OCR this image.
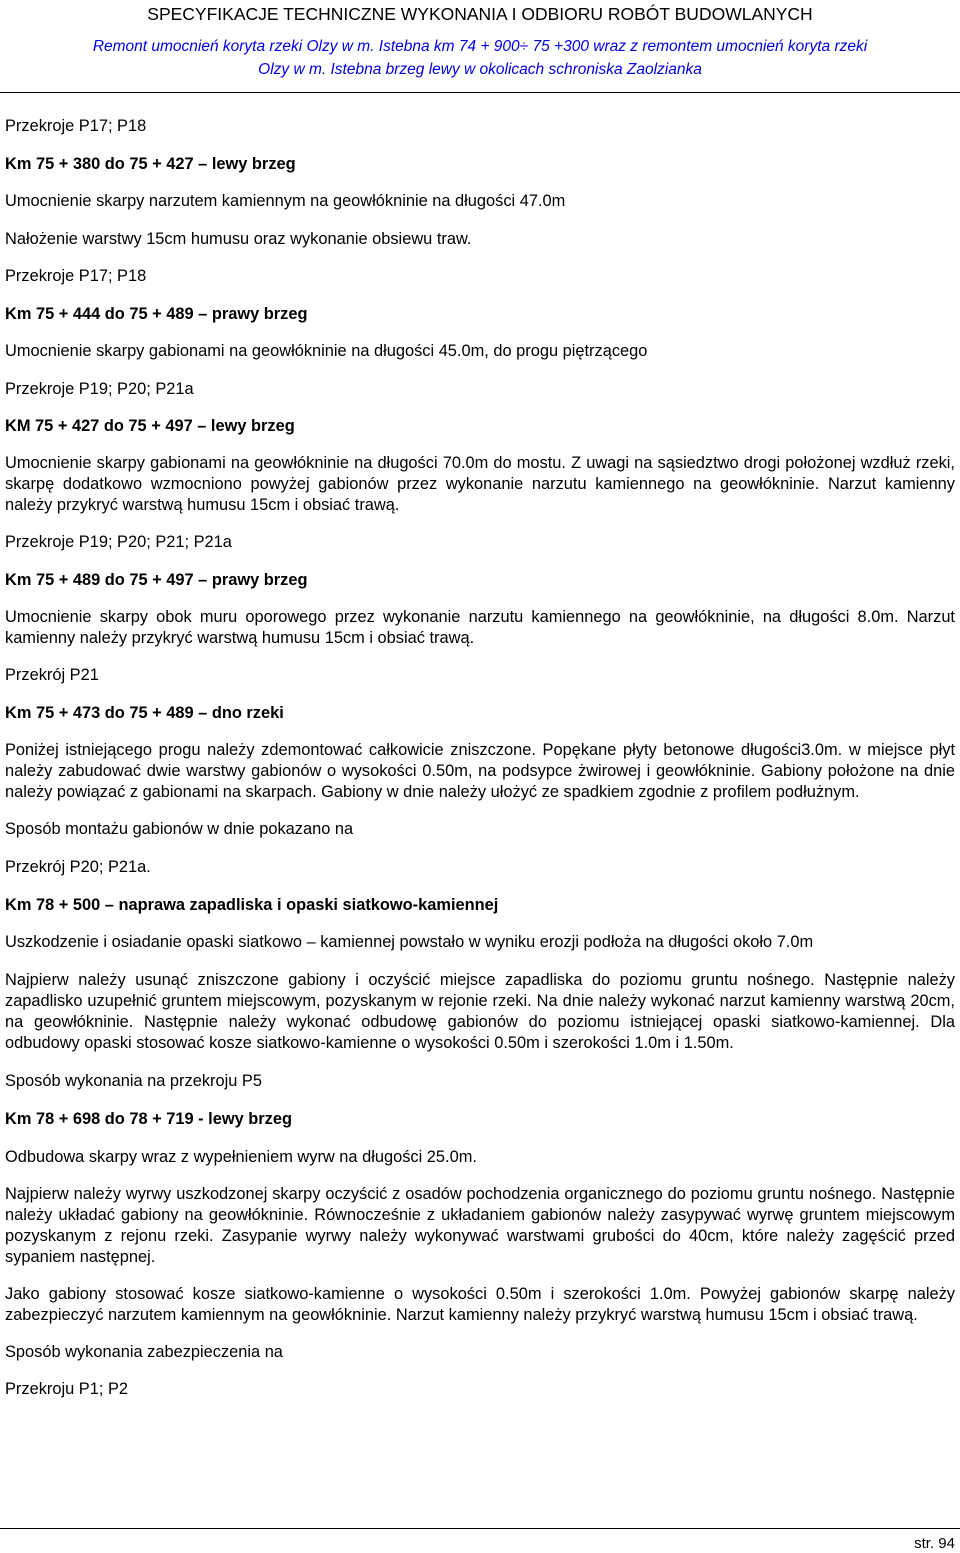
SPECYFIKACJE TECHNICZNE WYKONANIA I ODBIORU ROBÓT BUDOWLANYCH
Remont umocnień koryta rzeki Olzy w m. Istebna km 74 + 900÷ 75 +300 wraz z remontem umocnień koryta rzeki
Olzy w m. Istebna brzeg lewy w okolicach schroniska Zaolzianka

Przekroje P17; P18

Km 75 + 380 do 75 + 427 – lewy brzeg

Umocnienie skarpy narzutem kamiennym na geowłókninie na długości 47.0m

Nałożenie warstwy 15cm humusu oraz wykonanie obsiewu traw.

Przekroje P17; P18

Km 75 + 444 do 75 + 489 – prawy brzeg

Umocnienie skarpy gabionami na geowłókninie na długości 45.0m, do progu piętrzącego

Przekroje P19; P20; P21a

KM 75 + 427 do 75 + 497 – lewy brzeg

Umocnienie skarpy gabionami na geowłókninie na długości 70.0m do mostu. Z uwagi na sąsiedztwo drogi położonej wzdłuż rzeki, skarpę dodatkowo wzmocniono powyżej gabionów przez wykonanie narzutu kamiennego na geowłókninie. Narzut kamienny należy przykryć warstwą humusu 15cm i obsiać trawą.

Przekroje P19; P20; P21; P21a

Km 75 + 489 do 75 + 497 – prawy brzeg

Umocnienie skarpy obok muru oporowego przez wykonanie narzutu kamiennego na geowłókninie, na długości 8.0m. Narzut kamienny należy przykryć warstwą humusu 15cm i obsiać trawą.

Przekrój P21

Km 75 + 473 do 75 + 489 – dno rzeki

Poniżej istniejącego progu należy zdemontować całkowicie zniszczone. Popękane płyty betonowe długości3.0m. w miejsce płyt należy zabudować dwie warstwy gabionów o wysokości 0.50m, na podsypce żwirowej i geowłókninie. Gabiony położone na dnie należy powiązać z gabionami na skarpach. Gabiony w dnie należy ułożyć ze spadkiem zgodnie z profilem podłużnym.

Sposób montażu gabionów w dnie pokazano na

Przekrój P20; P21a.

Km 78 + 500 – naprawa zapadliska i opaski siatkowo-kamiennej

Uszkodzenie i osiadanie opaski siatkowo – kamiennej powstało w wyniku erozji podłoża na długości około 7.0m

Najpierw należy usunąć zniszczone gabiony i oczyścić miejsce zapadliska do poziomu gruntu nośnego. Następnie należy zapadlisko uzupełnić gruntem miejscowym, pozyskanym w rejonie rzeki. Na dnie należy wykonać narzut kamienny warstwą 20cm, na geowłókninie. Następnie należy wykonać odbudowę gabionów do poziomu istniejącej opaski siatkowo-kamiennej. Dla odbudowy opaski stosować kosze siatkowo-kamienne o wysokości 0.50m i szerokości 1.0m i 1.50m.

Sposób wykonania na przekroju P5

Km 78 + 698 do 78 + 719 - lewy brzeg

Odbudowa skarpy wraz z wypełnieniem wyrw na długości 25.0m.

Najpierw należy wyrwy uszkodzonej skarpy oczyścić z osadów pochodzenia organicznego do poziomu gruntu nośnego. Następnie należy układać gabiony na geowłókninie. Równocześnie z układaniem gabionów należy zasypywać wyrwę gruntem miejscowym pozyskanym z rejonu rzeki. Zasypanie wyrwy należy wykonywać warstwami grubości do 40cm, które należy zagęścić przed sypaniem następnej.

Jako gabiony stosować kosze siatkowo-kamienne o wysokości 0.50m i szerokości 1.0m. Powyżej gabionów skarpę należy zabezpieczyć narzutem kamiennym na geowłókninie. Narzut kamienny należy przykryć warstwą humusu 15cm i obsiać trawą.

Sposób wykonania zabezpieczenia na

Przekroju P1; P2

str. 94
